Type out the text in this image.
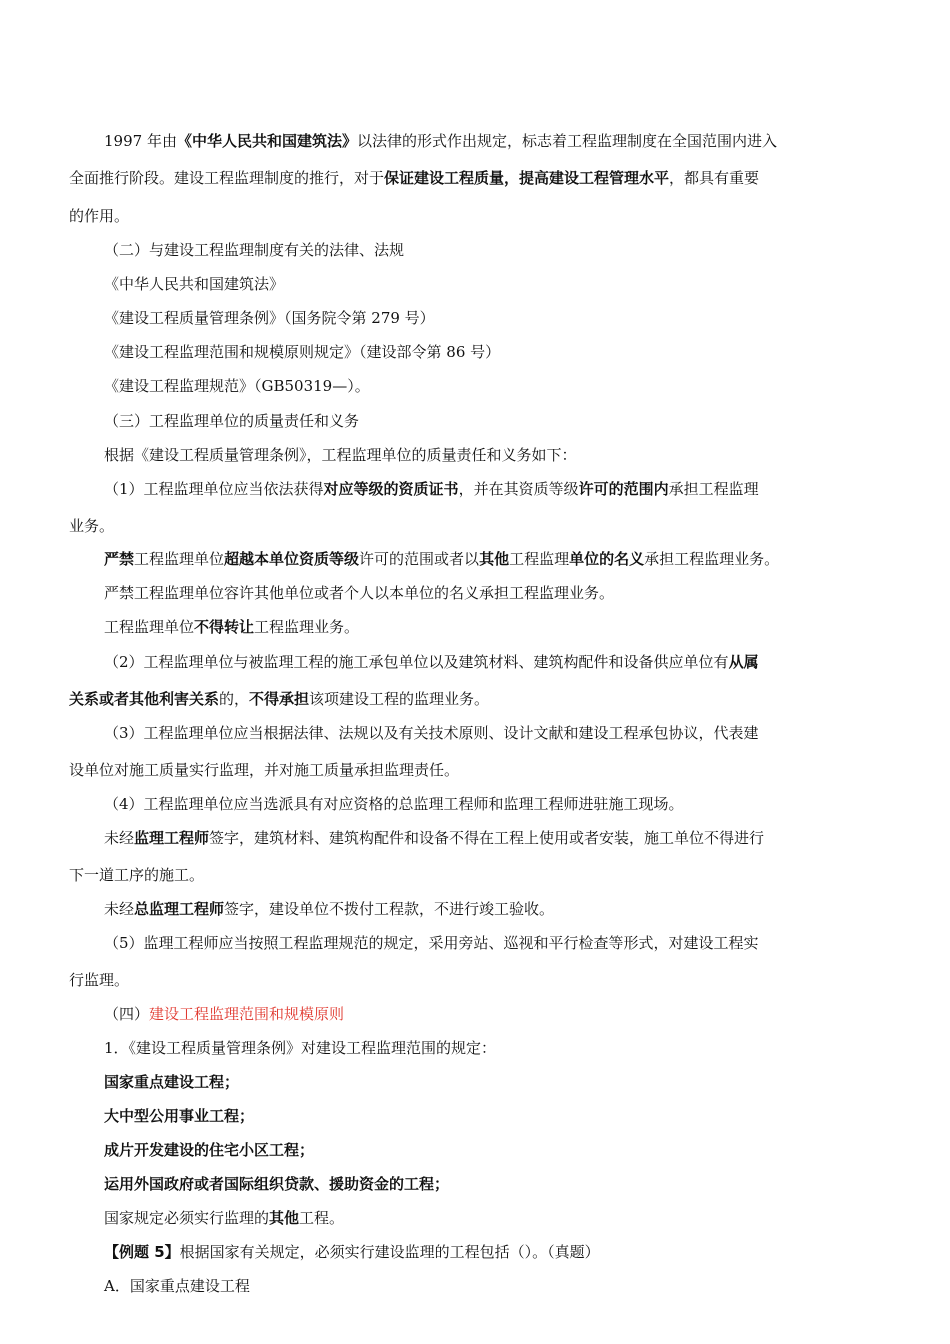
1997 年由《中华人民共和国建筑法》以法律的形式作出规定，标志着工程监理制度在全国范围内进入
全面推行阶段。建设工程监理制度的推行，对于保证建设工程质量，提高建设工程管理水平，都具有重要
的作用。
（二）与建设工程监理制度有关的法律、法规
《中华人民共和国建筑法》
《建设工程质量管理条例》（国务院令第 279 号）
《建设工程监理范围和规模原则规定》（建设部令第 86 号）
《建设工程监理规范》（GB50319—）。
（三）工程监理单位的质量责任和义务
根据《建设工程质量管理条例》，工程监理单位的质量责任和义务如下：
（1）工程监理单位应当依法获得对应等级的资质证书，并在其资质等级许可的范围内承担工程监理
业务。
严禁工程监理单位超越本单位资质等级许可的范围或者以其他工程监理单位的名义承担工程监理业务。
严禁工程监理单位容许其他单位或者个人以本单位的名义承担工程监理业务。
工程监理单位不得转让工程监理业务。
（2）工程监理单位与被监理工程的施工承包单位以及建筑材料、建筑构配件和设备供应单位有从属
关系或者其他利害关系的，不得承担该项建设工程的监理业务。
（3）工程监理单位应当根据法律、法规以及有关技术原则、设计文献和建设工程承包协议，代表建
设单位对施工质量实行监理，并对施工质量承担监理责任。
（4）工程监理单位应当选派具有对应资格的总监理工程师和监理工程师进驻施工现场。
未经监理工程师签字，建筑材料、建筑构配件和设备不得在工程上使用或者安装，施工单位不得进行
下一道工序的施工。
未经总监理工程师签字，建设单位不拨付工程款，不进行竣工验收。
（5）监理工程师应当按照工程监理规范的规定，采用旁站、巡视和平行检查等形式，对建设工程实
行监理。
（四）建设工程监理范围和规模原则
1．《建设工程质量管理条例》对建设工程监理范围的规定：
国家重点建设工程；
大中型公用事业工程；
成片开发建设的住宅小区工程；
运用外国政府或者国际组织贷款、援助资金的工程；
国家规定必须实行监理的其他工程。
【例题 5】根据国家有关规定，必须实行建设监理的工程包括（）。（真题）
A．国家重点建设工程
